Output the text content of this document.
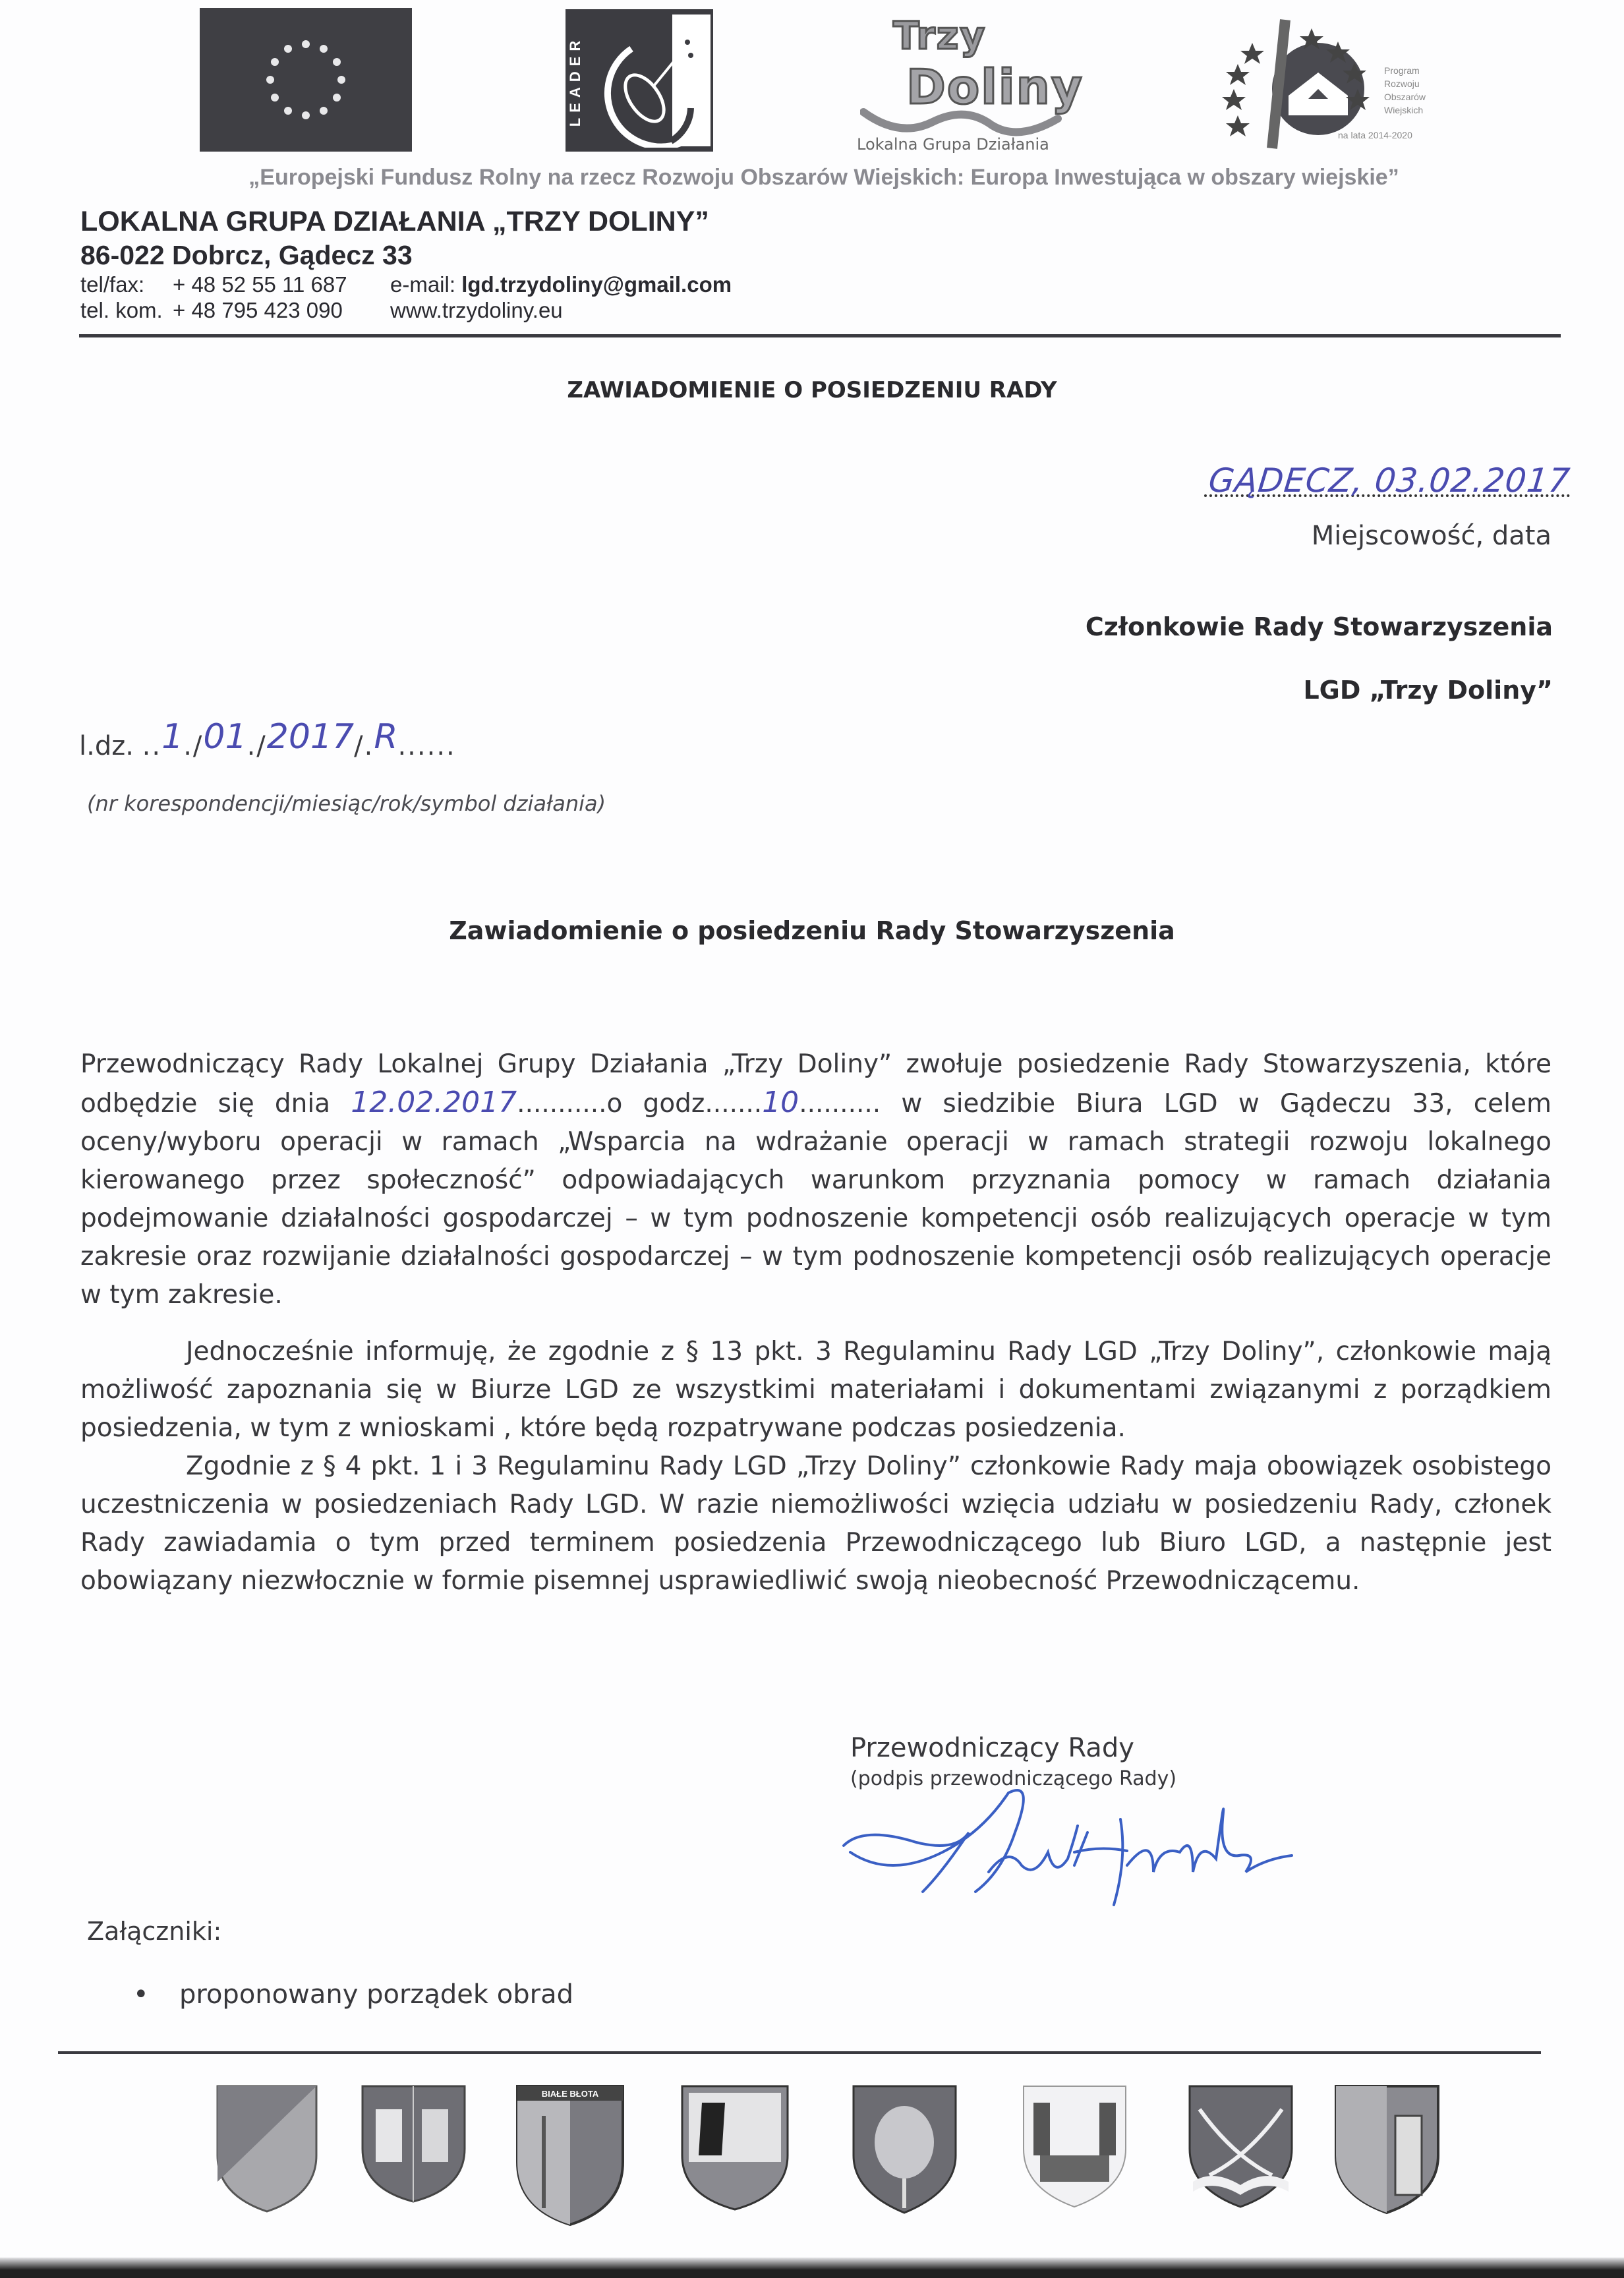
LEADER	Trzy
Doliny
Lokalna Grupa Działania
Program
Rozwoju
Obszarów
Wiejskich
na lata 2014-2020
„Europejski Fundusz Rolny na rzecz Rozwoju Obszarów Wiejskich: Europa Inwestująca w obszary wiejskie”
LOKALNA GRUPA DZIAŁANIA „TRZY DOLINY”
86-022 Dobrcz, Gądecz 33
tel/fax: + 48 52 55 11 687 e-mail: lgd.trzydoliny@gmail.com
tel. kom. + 48 795 423 090 www.trzydoliny.eu
ZAWIADOMIENIE O POSIEDZENIU RADY
GĄDECZ, 03.02.2017
Miejscowość, data
Członkowie Rady Stowarzyszenia
LGD „Trzy Doliny”
l.dz. ..1./01./2017/.R......
(nr korespondencji/miesiąc/rok/symbol działania)
Zawiadomienie o posiedzeniu Rady Stowarzyszenia

Przewodniczący Rady Lokalnej Grupy Działania „Trzy Doliny” zwołuje posiedzenie Rady Stowarzyszenia, które odbędzie się dnia 12.02.2017...........o godz.......10.......... w siedzibie Biura LGD w Gądeczu 33, celem oceny/wyboru operacji w ramach „Wsparcia na wdrażanie operacji w ramach strategii rozwoju lokalnego kierowanego przez społeczność” odpowiadających warunkom przyznania pomocy w ramach działania podejmowanie działalności gospodarczej – w tym podnoszenie kompetencji osób realizujących operacje w tym zakresie oraz rozwijanie działalności gospodarczej – w tym podnoszenie kompetencji osób realizujących operacje w tym zakresie.

Jednocześnie informuję, że zgodnie z § 13 pkt. 3 Regulaminu Rady LGD „Trzy Doliny”, członkowie mają możliwość zapoznania się w Biurze LGD ze wszystkimi materiałami i dokumentami związanymi z porządkiem posiedzenia, w tym z wnioskami , które będą rozpatrywane podczas posiedzenia.

Zgodnie z § 4 pkt. 1 i 3 Regulaminu Rady LGD „Trzy Doliny” członkowie Rady maja obowiązek osobistego uczestniczenia w posiedzeniach Rady LGD. W razie niemożliwości wzięcia udziału w posiedzeniu Rady, członek Rady zawiadamia o tym przed terminem posiedzenia Przewodniczącego lub Biuro LGD, a następnie jest obowiązany niezwłocznie w formie pisemnej usprawiedliwić swoją nieobecność Przewodniczącemu.

Przewodniczący Rady
(podpis przewodniczącego Rady)
Załączniki:
• proponowany porządek obrad
BIAŁE BŁOTA
